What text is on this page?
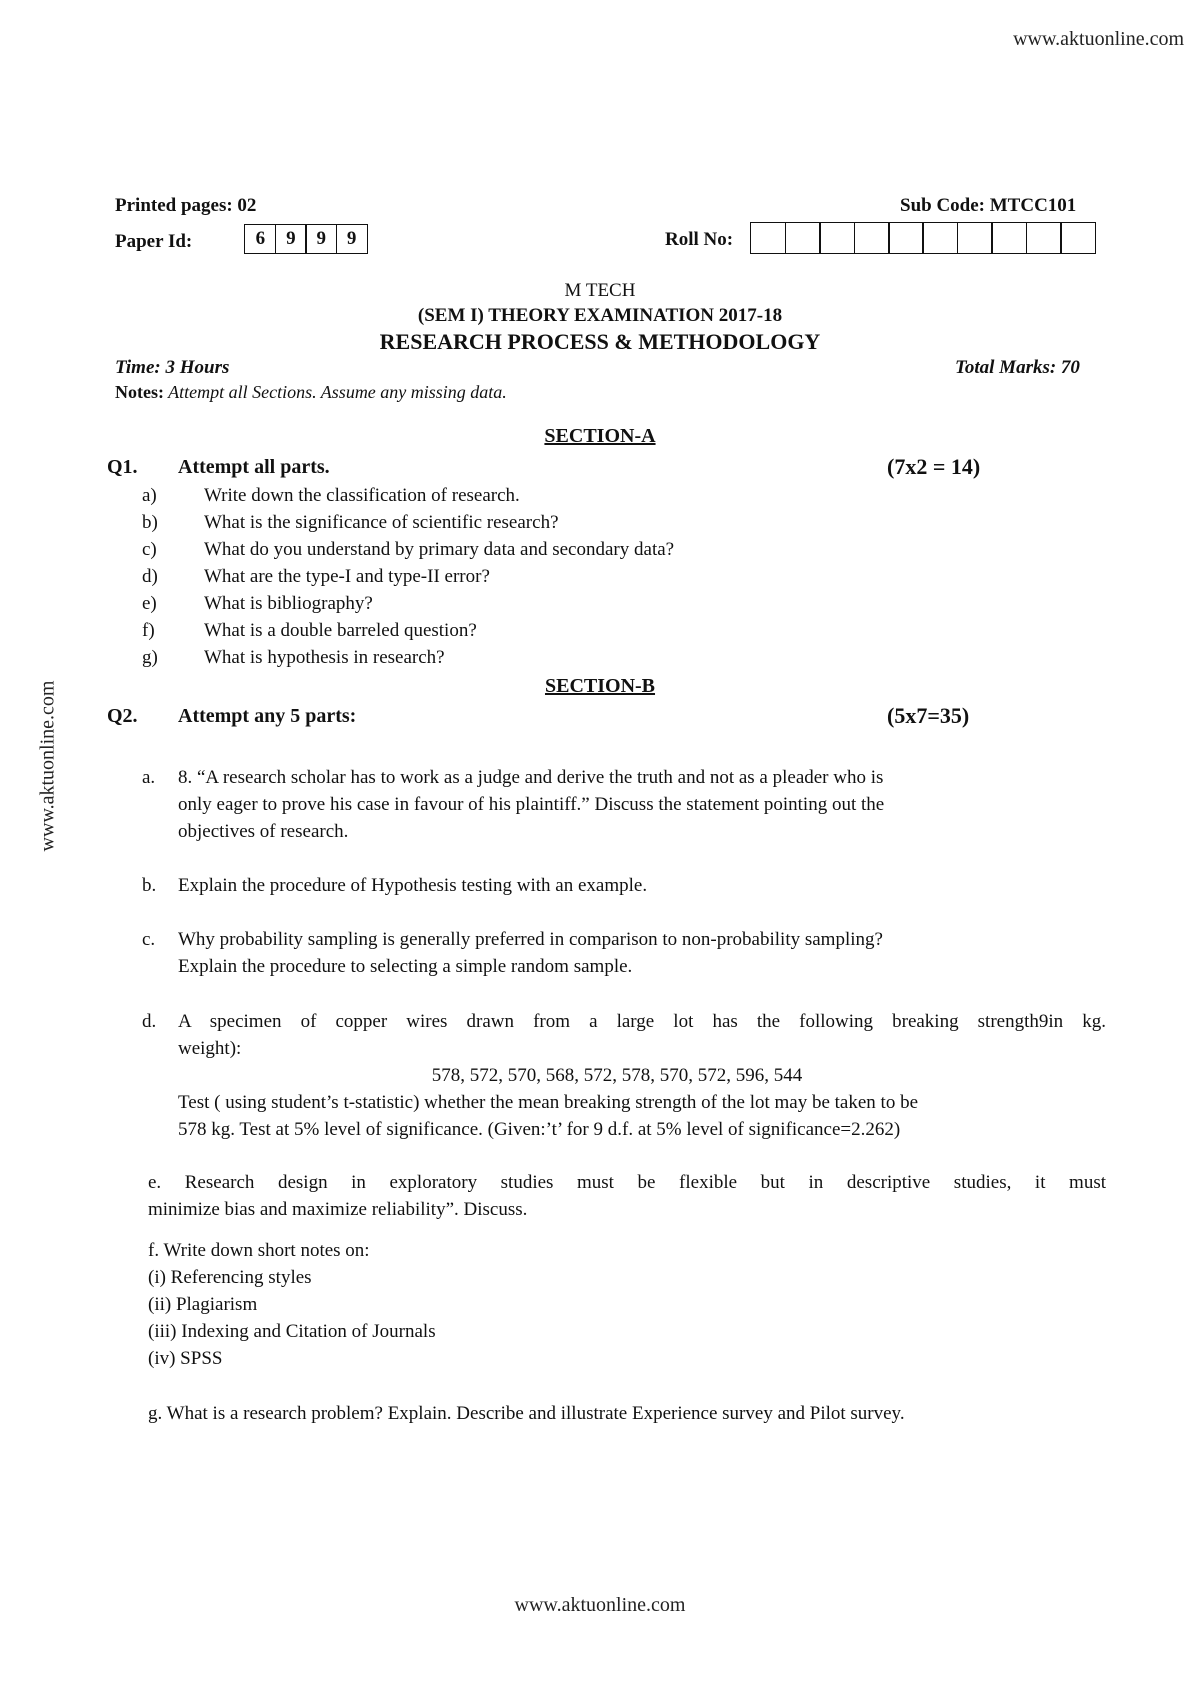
www.aktuonline.com
www.aktuonline.com
www.aktuonline.com
Printed pages: 02	Sub Code: MTCC101
Paper Id:	6	9	9	9	Roll No:
M TECH
(SEM I) THEORY EXAMINATION 2017-18
RESEARCH PROCESS & METHODOLOGY
Time: 3 Hours	Total Marks: 70
Notes: Attempt all Sections. Assume any missing data.
SECTION-A
Q1. Attempt all parts.	(7x2 = 14)
a) Write down the classification of research.
b) What is the significance of scientific research?
c) What do you understand by primary data and secondary data?
d) What are the type-I and type-II error?
e) What is bibliography?
f)	What is a double barreled question?
g) What is hypothesis in research?
SECTION-B
Q2. Attempt any 5 parts:	(5x7=35)
a. 8. “A research scholar has to work as a judge and derive the truth and not as a pleader who is
only eager to prove his case in favour of his plaintiff.” Discuss the statement pointing out the
objectives of research.
b. Explain the procedure of Hypothesis testing with an example.
c. Why probability sampling is generally preferred in comparison to non-probability sampling?
Explain the procedure to selecting a simple random sample.
d. A specimen of copper wires drawn from a large lot has the following breaking strength9in kg.
weight):
578, 572, 570, 568, 572, 578, 570, 572, 596, 544
Test ( using student’s t-statistic) whether the mean breaking strength of the lot may be taken to be
578 kg. Test at 5% level of significance. (Given:’t’ for 9 d.f. at 5% level of significance=2.262)
e. Research design in exploratory studies must be flexible but in descriptive studies, it must
minimize bias and maximize reliability”. Discuss.
f. Write down short notes on:
(i) Referencing styles
(ii) Plagiarism
(iii) Indexing and Citation of Journals
(iv) SPSS
g. What is a research problem? Explain. Describe and illustrate Experience survey and Pilot survey.
